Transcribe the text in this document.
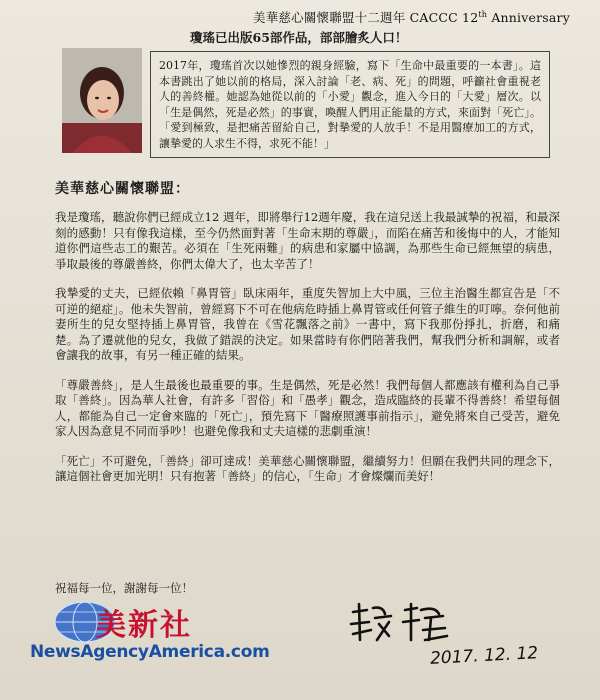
美華慈心關懷聯盟十二週年 CACCC 12th Anniversary
瓊瑤已出版65部作品，部部膾炙人口！
2017年，瓊瑤首次以她慘烈的親身經驗，寫下「生命中最重要的一本書」。這本書跳出了她以前的格局，深入討論「老、病、死」的問題，呼籲社會重視老人的善終權。她認為她從以前的「小愛」觀念，進入今日的「大愛」層次。以「生是偶然，死是必然」的事實，喚醒人們用正能量的方式，來面對「死亡」。「愛到極致，是把痛苦留給自己，對摯愛的人放手！不是用醫療加工的方式，讓摯愛的人求生不得，求死不能！」
美華慈心關懷聯盟：

我是瓊瑤，聽說你們已經成立12 週年，即將舉行12週年慶，我在這兒送上我最誠摯的祝福，和最深刻的感動！只有像我這樣，至今仍然面對著「生命末期的尊嚴」，而陷在痛苦和後悔中的人，才能知道你們這些志工的艱苦。必須在「生死兩難」的病患和家屬中協調，為那些生命已經無望的病患，爭取最後的尊嚴善終，你們太偉大了，也太辛苦了！

我摯愛的丈夫，已經依賴「鼻胃管」臥床兩年，重度失智加上大中風，三位主治醫生都宣告是「不可逆的絕症」。他未失智前，曾經寫下不可在他病危時插上鼻胃管或任何管子維生的叮嚀。奈何他前妻所生的兒女堅持插上鼻胃管，我曾在《雪花飄落之前》一書中，寫下我那份掙扎，折磨，和痛楚。為了遷就他的兒女，我做了錯誤的決定。如果當時有你們陪著我們，幫我們分析和調解，或者會讓我的故事，有另一種正確的結果。

「尊嚴善終」，是人生最後也最重要的事。生是偶然，死是必然！我們每個人都應該有權利為自己爭取「善終」。因為華人社會，有許多「習俗」和「愚孝」觀念，造成臨終的長輩不得善終！希望每個人，都能為自己一定會來臨的「死亡」，預先寫下「醫療照護事前指示」，避免將來自己受苦，避免家人因為意見不同而爭吵！也避免像我和丈夫這樣的悲劇重演！

「死亡」不可避免，「善終」卻可達成！美華慈心關懷聯盟，繼續努力！但願在我們共同的理念下，讓這個社會更加光明！只有抱著「善終」的信心，「生命」才會燦爛而美好！

祝福每一位，謝謝每一位！
美新社
NewsAgencyAmerica.com	2017. 12. 12
